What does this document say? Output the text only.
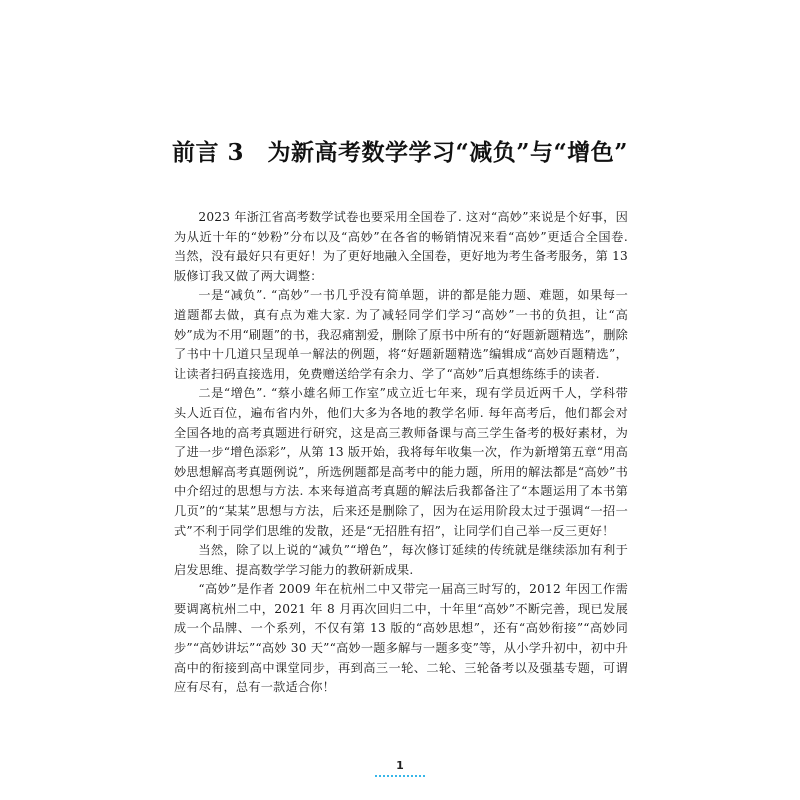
前言 3　为新高考数学学习“减负”与“增色”

2023 年浙江省高考数学试卷也要采用全国卷了. 这对“高妙”来说是个好事，因为从近十年的“妙粉”分布以及“高妙”在各省的畅销情况来看“高妙”更适合全国卷. 当然，没有最好只有更好！为了更好地融入全国卷，更好地为考生备考服务，第 13 版修订我又做了两大调整：

一是“减负”. “高妙”一书几乎没有简单题，讲的都是能力题、难题，如果每一道题都去做，真有点为难大家. 为了减轻同学们学习“高妙”一书的负担，让“高妙”成为不用“刷题”的书，我忍痛割爱，删除了原书中所有的“好题新题精选”，删除了书中十几道只呈现单一解法的例题，将“好题新题精选”编辑成“高妙百题精选”，让读者扫码直接选用，免费赠送给学有余力、学了“高妙”后真想练练手的读者.

二是“增色”. “蔡小雄名师工作室”成立近七年来，现有学员近两千人，学科带头人近百位，遍布省内外，他们大多为各地的教学名师. 每年高考后，他们都会对全国各地的高考真题进行研究，这是高三教师备课与高三学生备考的极好素材，为了进一步“增色添彩”，从第 13 版开始，我将每年收集一次，作为新增第五章“用高妙思想解高考真题例说”，所选例题都是高考中的能力题，所用的解法都是“高妙”书中介绍过的思想与方法. 本来每道高考真题的解法后我都备注了“本题运用了本书第几页”的“某某”思想与方法，后来还是删除了，因为在运用阶段太过于强调“一招一式”不利于同学们思维的发散，还是“无招胜有招”，让同学们自己举一反三更好！

当然，除了以上说的“减负”“增色”，每次修订延续的传统就是继续添加有利于启发思维、提高数学学习能力的教研新成果.

“高妙”是作者 2009 年在杭州二中又带完一届高三时写的，2012 年因工作需要调离杭州二中，2021 年 8 月再次回归二中，十年里“高妙”不断完善，现已发展成一个品牌、一个系列，不仅有第 13 版的“高妙思想”，还有“高妙衔接”“高妙同步”“高妙讲坛”“高妙 30 天”“高妙一题多解与一题多变”等，从小学升初中，初中升高中的衔接到高中课堂同步，再到高三一轮、二轮、三轮备考以及强基专题，可谓应有尽有，总有一款适合你！

1
